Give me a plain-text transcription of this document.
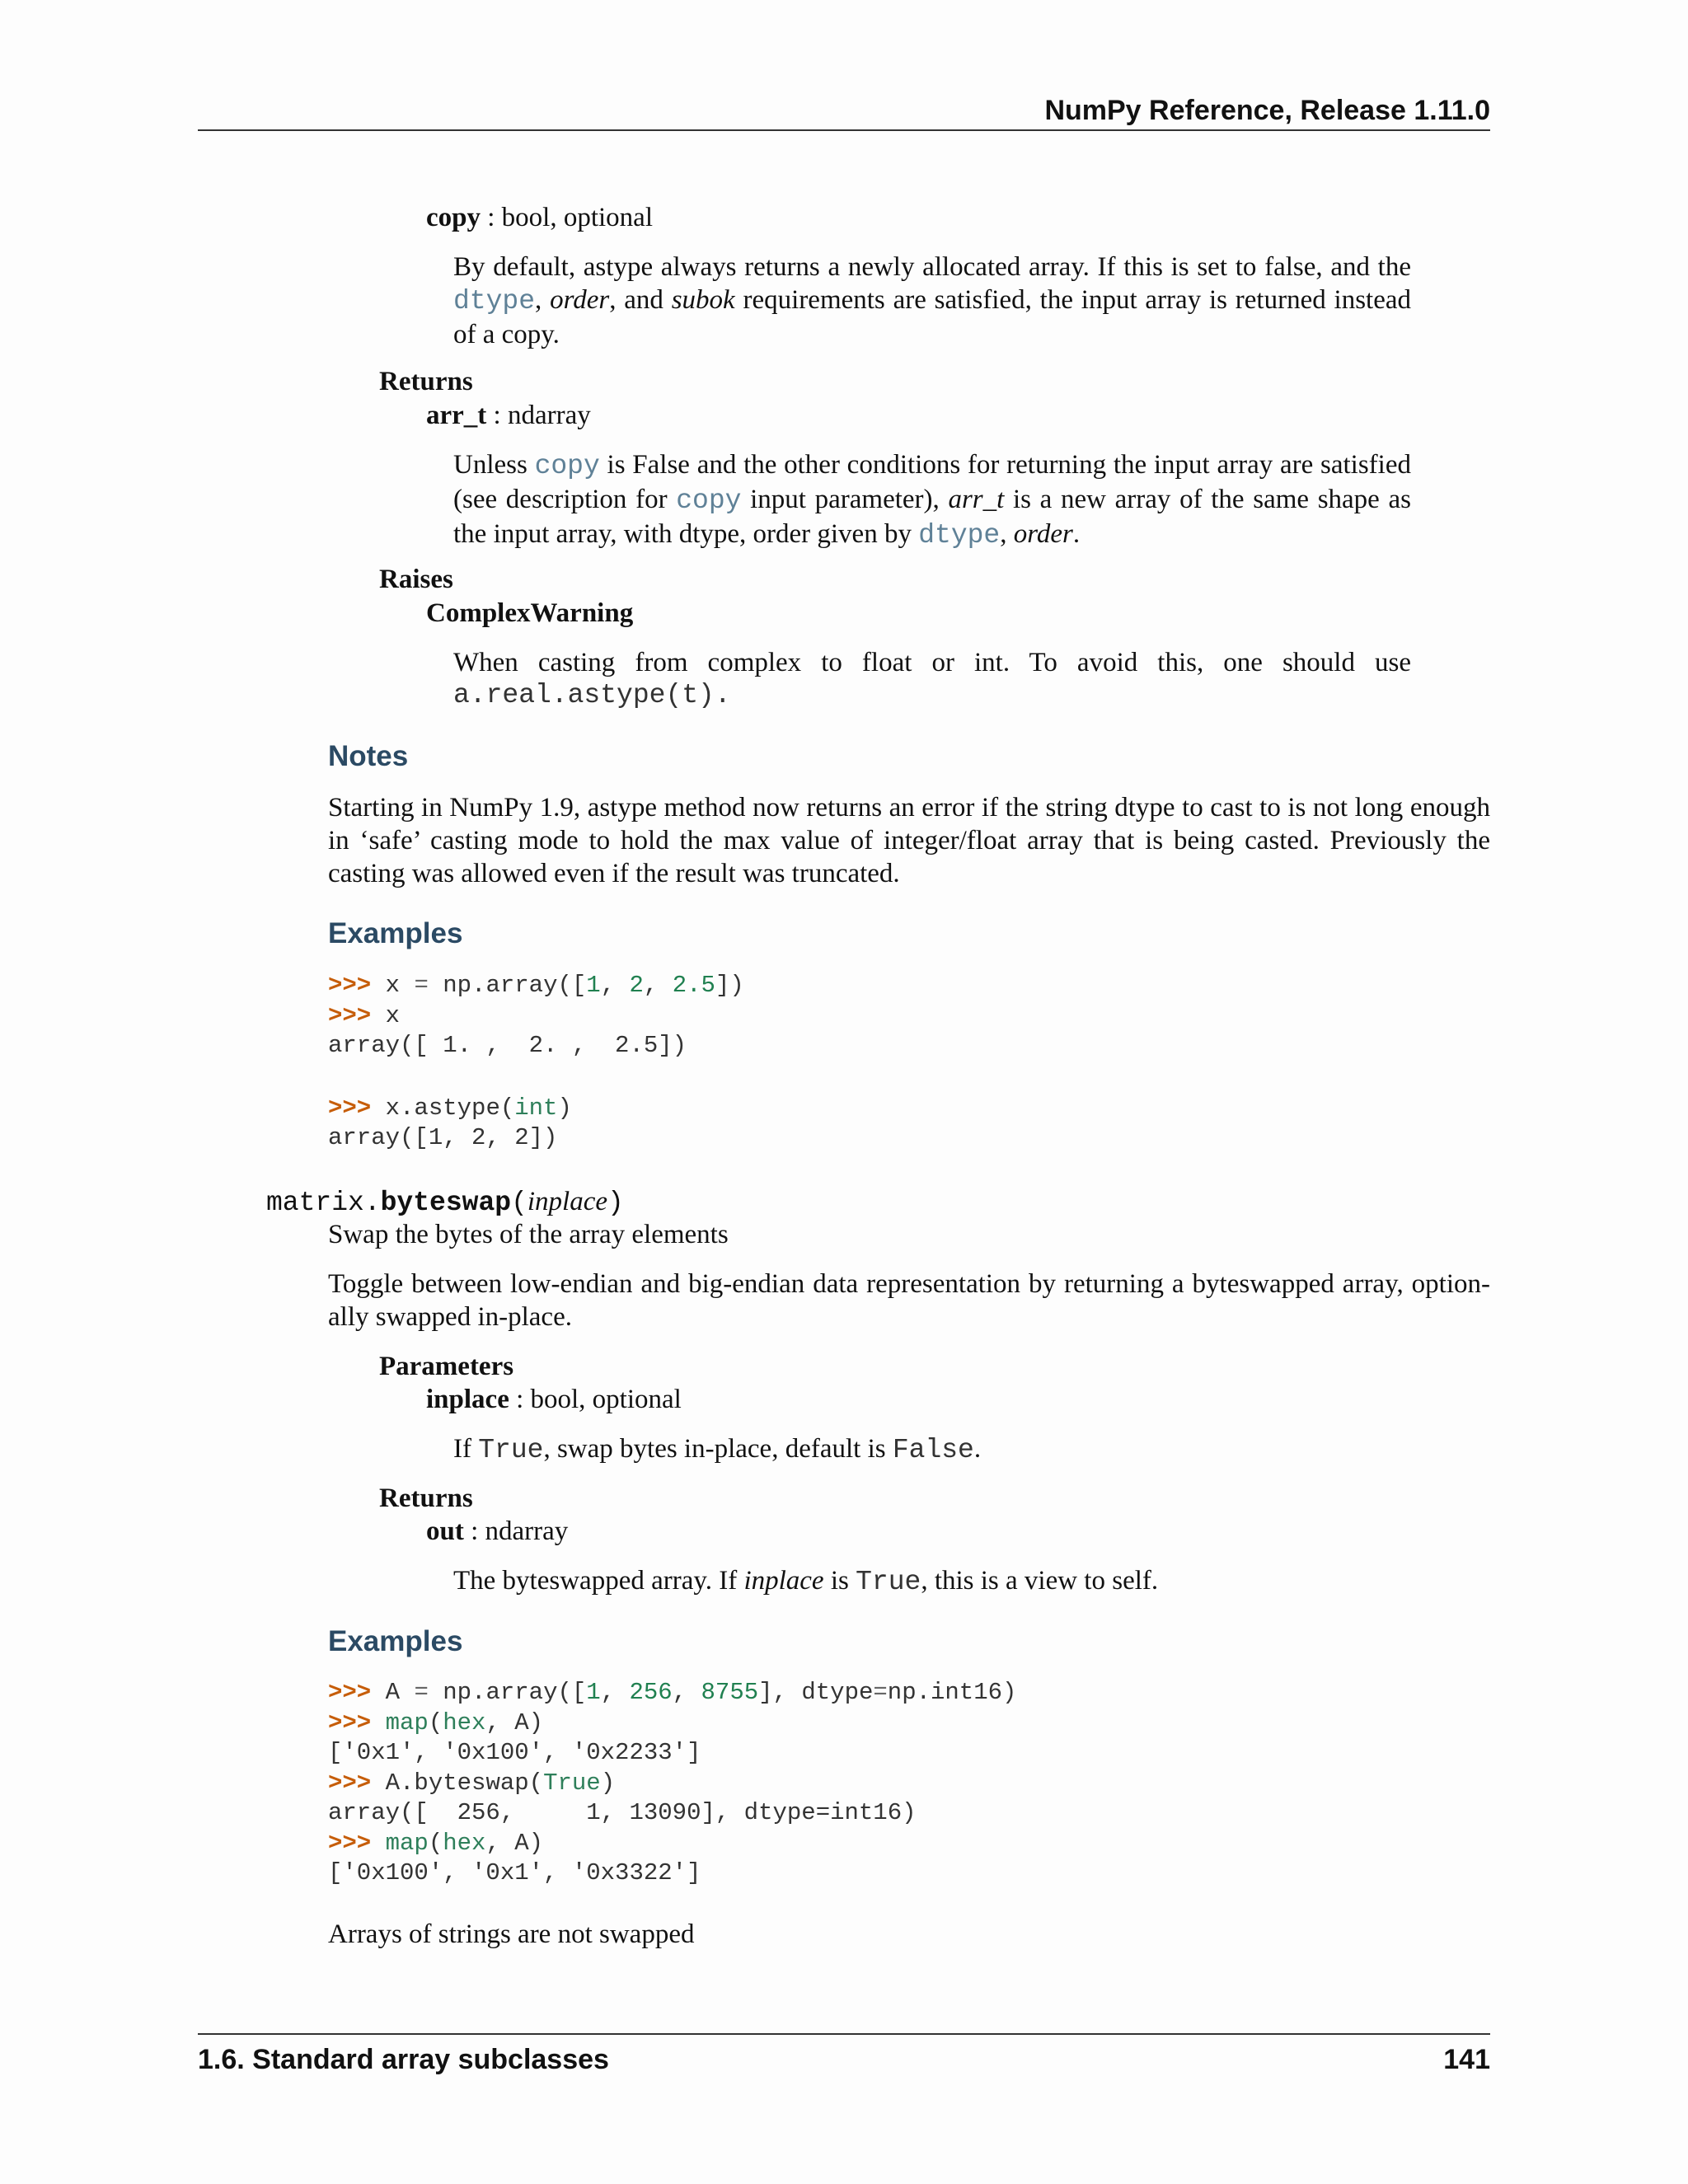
NumPy Reference, Release 1.11.0
copy : bool, optional
By default, astype always returns a newly allocated array. If this is set to false, and the
dtype, order, and subok requirements are satisfied, the input array is returned instead
of a copy.
Returns
arr_t : ndarray
Unless copy is False and the other conditions for returning the input array are satisfied
(see description for copy input parameter), arr_t is a new array of the same shape as
the input array, with dtype, order given by dtype, order.
Raises
ComplexWarning
When casting from complex to float or int. To avoid this, one should use
a.real.astype(t).
Notes
Starting in NumPy 1.9, astype method now returns an error if the string dtype to cast to is not long enough
in ‘safe’ casting mode to hold the max value of integer/float array that is being casted. Previously the
casting was allowed even if the result was truncated.
Examples
>>> x = np.array([1, 2, 2.5])
>>> x
array([ 1. ,  2. ,  2.5])
>>> x.astype(int)
array([1, 2, 2])
matrix.byteswap(inplace)
Swap the bytes of the array elements
Toggle between low-endian and big-endian data representation by returning a byteswapped array, option-
ally swapped in-place.
Parameters
inplace : bool, optional
If True, swap bytes in-place, default is False.
Returns
out : ndarray
The byteswapped array. If inplace is True, this is a view to self.
Examples
>>> A = np.array([1, 256, 8755], dtype=np.int16)
>>> map(hex, A)
['0x1', '0x100', '0x2233']
>>> A.byteswap(True)
array([  256,     1, 13090], dtype=int16)
>>> map(hex, A)
['0x100', '0x1', '0x3322']
Arrays of strings are not swapped
1.6. Standard array subclasses	141
